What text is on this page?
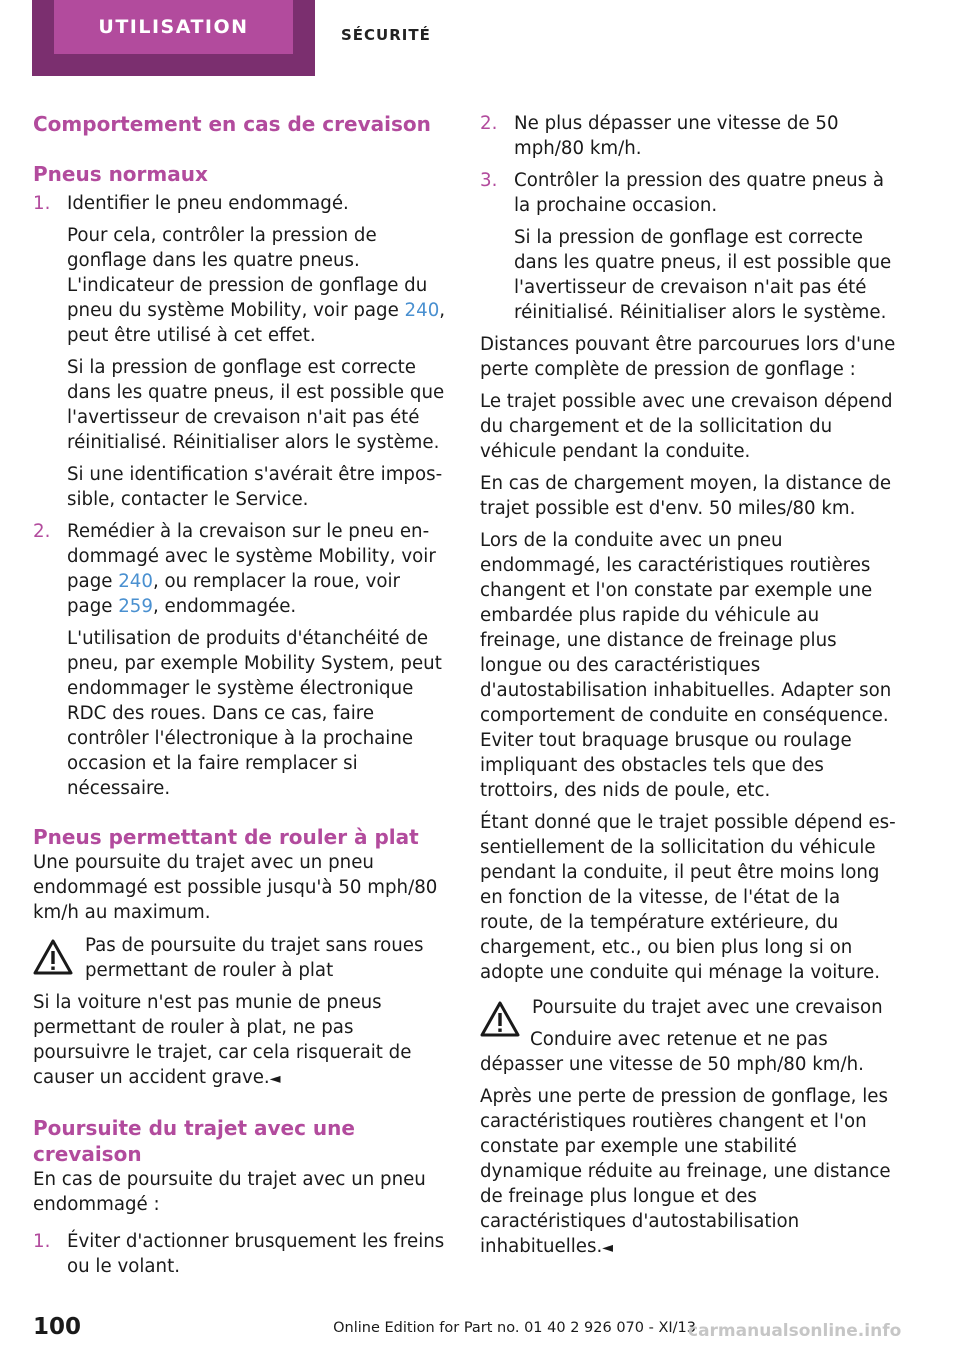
UTILISATION	SÉCURITÉ
Comportement en cas de crevaison
Pneus normaux
1. Identifier le pneu endommagé.

Pour cela, contrôler la pression de gonflage dans les quatre pneus. L'indicateur de pression de gonflage du pneu du système Mobility, voir page 240, peut être utilisé à cet effet.

Si la pression de gonflage est correcte dans les quatre pneus, il est possible que l'avertisseur de crevaison n'ait pas été réinitialisé. Réinitialiser alors le système.

Si une identification s'avérait être impossible, contacter le Service.

2. Remédier à la crevaison sur le pneu endommagé avec le système Mobility, voir page 240, ou remplacer la roue, voir page 259, endommagée.

L'utilisation de produits d'étanchéité de pneu, par exemple Mobility System, peut endommager le système électronique RDC des roues. Dans ce cas, faire contrôler l'électronique à la prochaine occasion et la faire remplacer si nécessaire.

Pneus permettant de rouler à plat

Une poursuite du trajet avec un pneu endommagé est possible jusqu'à 50 mph/80 km/h au maximum.

Pas de poursuite du trajet sans roues permettant de rouler à plat

Si la voiture n'est pas munie de pneus permettant de rouler à plat, ne pas poursuivre le trajet, car cela risquerait de causer un accident grave.◄

Poursuite du trajet avec une crevaison

En cas de poursuite du trajet avec un pneu endommagé :

1. Éviter d'actionner brusquement les freins ou le volant.

2. Ne plus dépasser une vitesse de 50 mph/80 km/h.

3. Contrôler la pression des quatre pneus à la prochaine occasion.

Si la pression de gonflage est correcte dans les quatre pneus, il est possible que l'avertisseur de crevaison n'ait pas été réinitialisé. Réinitialiser alors le système.

Distances pouvant être parcourues lors d'une perte complète de pression de gonflage :

Le trajet possible avec une crevaison dépend du chargement et de la sollicitation du véhicule pendant la conduite.

En cas de chargement moyen, la distance de trajet possible est d'env. 50 miles/80 km.

Lors de la conduite avec un pneu endommagé, les caractéristiques routières changent et l'on constate par exemple une embardée plus rapide du véhicule au freinage, une distance de freinage plus longue ou des caractéristiques d'autostabilisation inhabituelles. Adapter son comportement de conduite en conséquence. Eviter tout braquage brusque ou roulage impliquant des obstacles tels que des trottoirs, des nids de poule, etc.

Étant donné que le trajet possible dépend essentiellement de la sollicitation du véhicule pendant la conduite, il peut être moins long en fonction de la vitesse, de l'état de la route, de la température extérieure, du chargement, etc., ou bien plus long si on adopte une conduite qui ménage la voiture.

Poursuite du trajet avec une crevaison

Conduire avec retenue et ne pas dépasser une vitesse de 50 mph/80 km/h.

Après une perte de pression de gonflage, les caractéristiques routières changent et l'on constate par exemple une stabilité dynamique réduite au freinage, une distance de freinage plus longue et des caractéristiques d'autostabilisation inhabituelles.◄

100	Online Edition for Part no. 01 40 2 926 070 - XI/13
carmanualsonline.info
